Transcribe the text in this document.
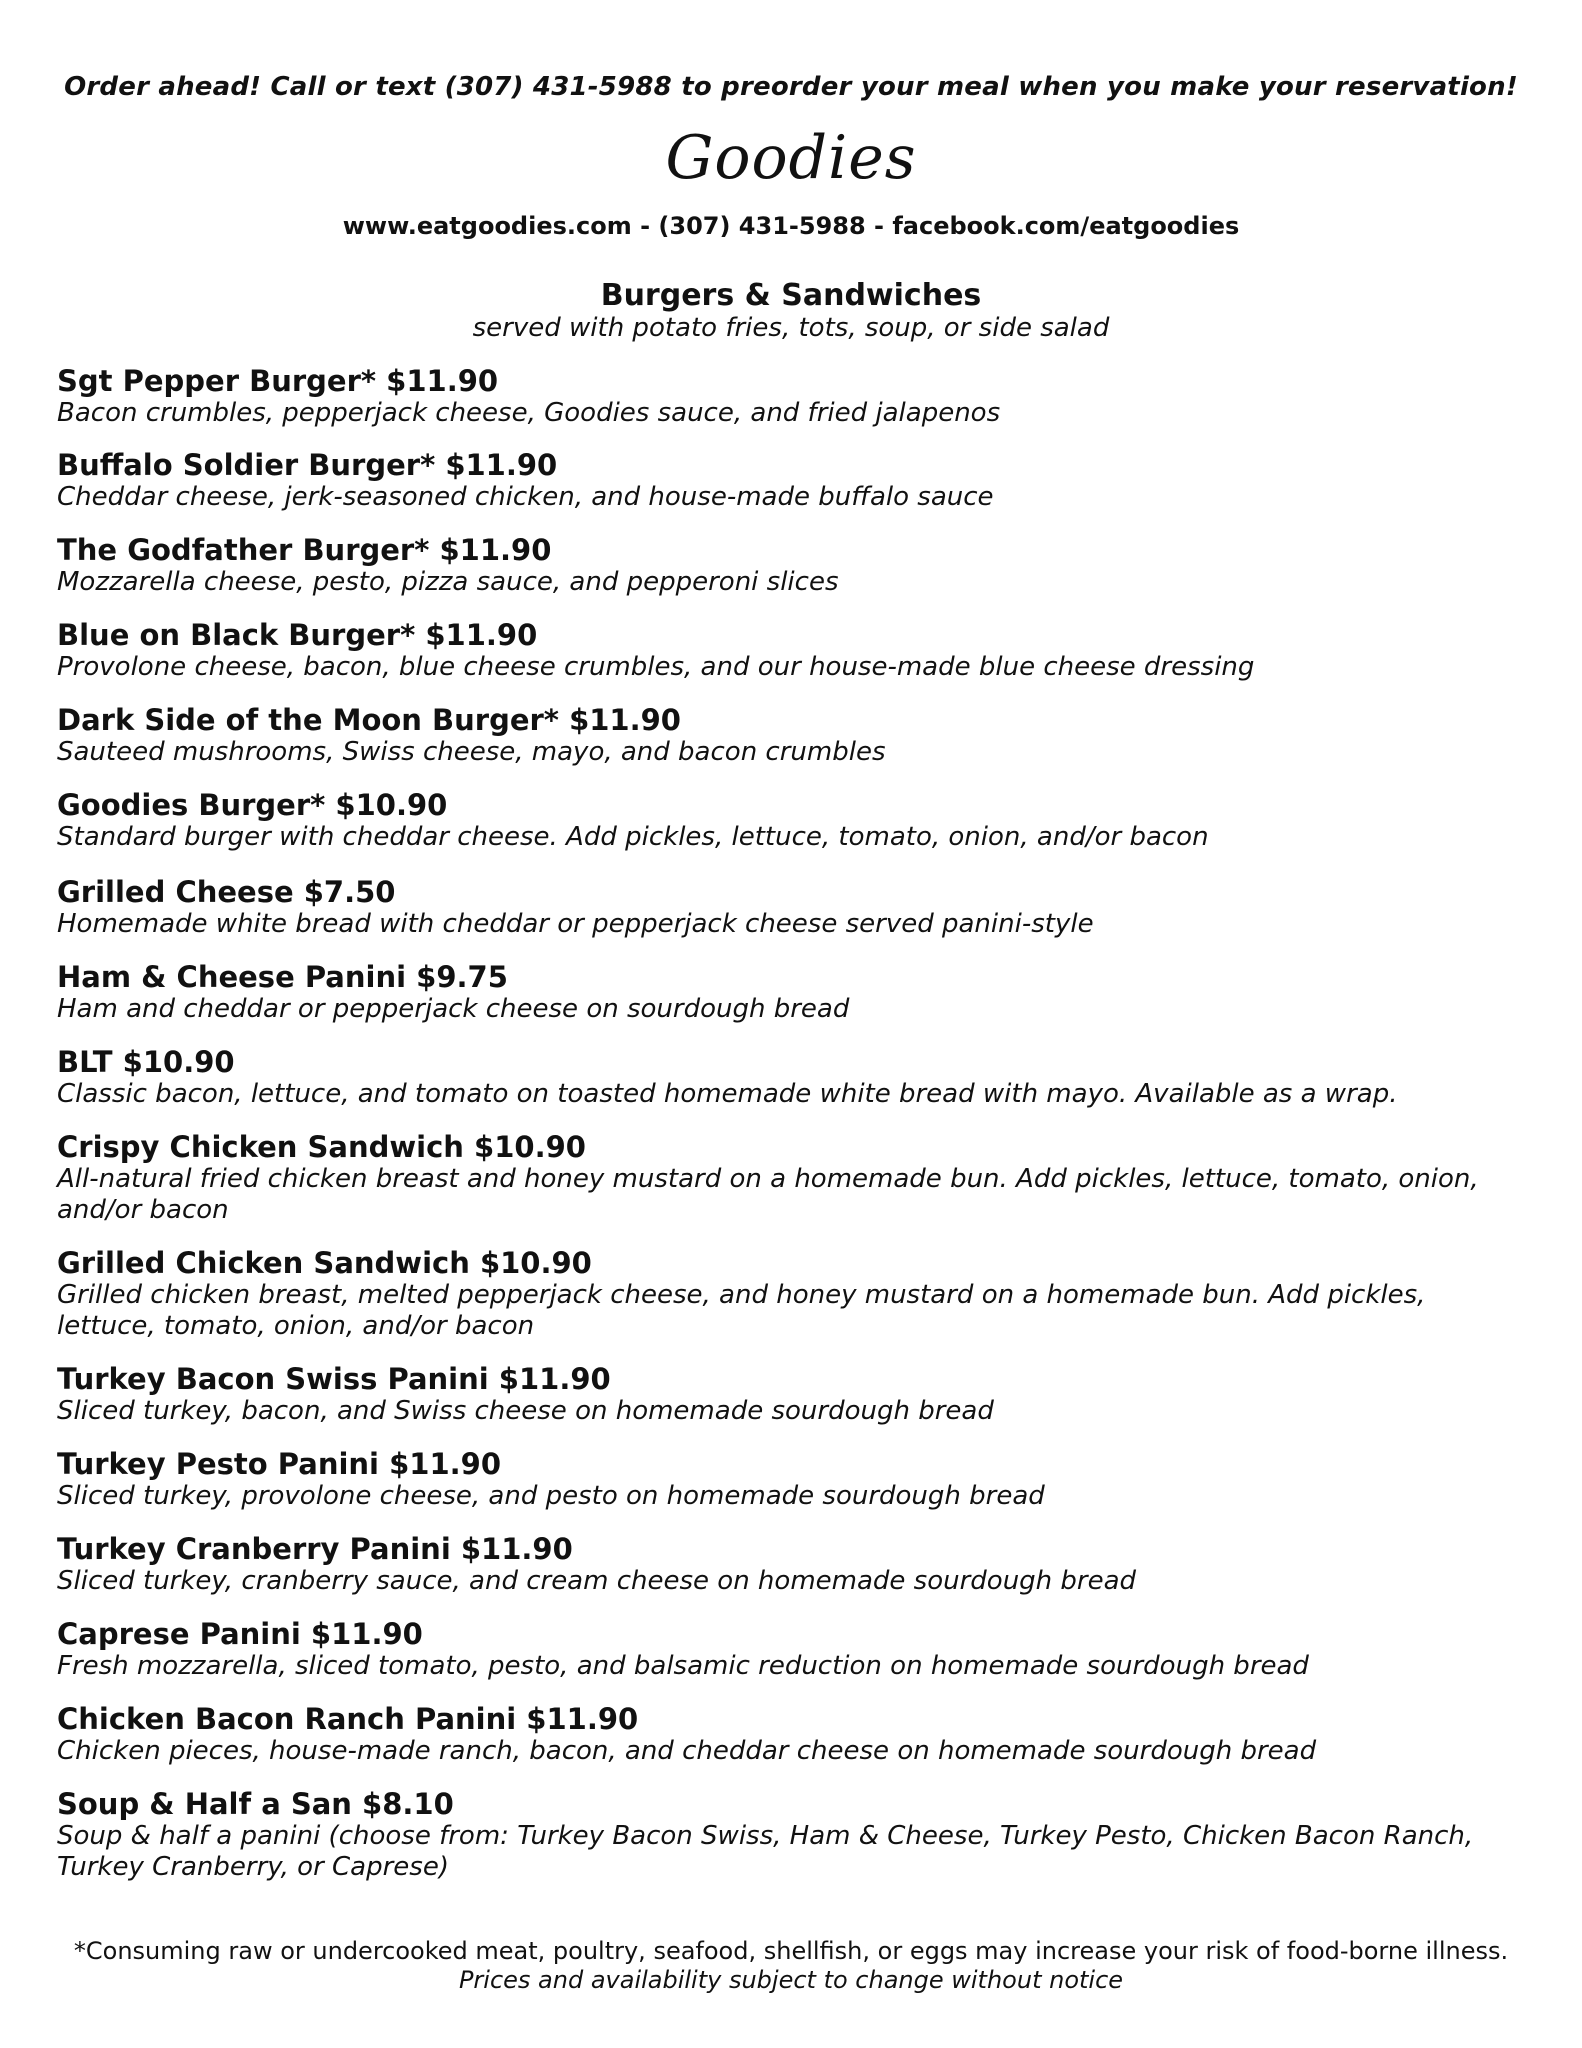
Order ahead! Call or text (307) 431-5988 to preorder your meal when you make your reservation!
Goodies
www.eatgoodies.com - (307) 431-5988 - facebook.com/eatgoodies
Burgers & Sandwiches
served with potato fries, tots, soup, or side salad
Sgt Pepper Burger* $11.90
Bacon crumbles, pepperjack cheese, Goodies sauce, and fried jalapenos
Buffalo Soldier Burger* $11.90
Cheddar cheese, jerk-seasoned chicken, and house-made buffalo sauce
The Godfather Burger* $11.90
Mozzarella cheese, pesto, pizza sauce, and pepperoni slices
Blue on Black Burger* $11.90
Provolone cheese, bacon, blue cheese crumbles, and our house-made blue cheese dressing
Dark Side of the Moon Burger* $11.90
Sauteed mushrooms, Swiss cheese, mayo, and bacon crumbles
Goodies Burger* $10.90
Standard burger with cheddar cheese. Add pickles, lettuce, tomato, onion, and/or bacon
Grilled Cheese $7.50
Homemade white bread with cheddar or pepperjack cheese served panini-style
Ham & Cheese Panini $9.75
Ham and cheddar or pepperjack cheese on sourdough bread
BLT $10.90
Classic bacon, lettuce, and tomato on toasted homemade white bread with mayo. Available as a wrap.
Crispy Chicken Sandwich $10.90
All-natural fried chicken breast and honey mustard on a homemade bun. Add pickles, lettuce, tomato, onion, and/or bacon
Grilled Chicken Sandwich $10.90
Grilled chicken breast, melted pepperjack cheese, and honey mustard on a homemade bun. Add pickles, lettuce, tomato, onion, and/or bacon
Turkey Bacon Swiss Panini $11.90
Sliced turkey, bacon, and Swiss cheese on homemade sourdough bread
Turkey Pesto Panini $11.90
Sliced turkey, provolone cheese, and pesto on homemade sourdough bread
Turkey Cranberry Panini $11.90
Sliced turkey, cranberry sauce, and cream cheese on homemade sourdough bread
Caprese Panini $11.90
Fresh mozzarella, sliced tomato, pesto, and balsamic reduction on homemade sourdough bread
Chicken Bacon Ranch Panini $11.90
Chicken pieces, house-made ranch, bacon, and cheddar cheese on homemade sourdough bread
Soup & Half a San $8.10
Soup & half a panini (choose from: Turkey Bacon Swiss, Ham & Cheese, Turkey Pesto, Chicken Bacon Ranch, Turkey Cranberry, or Caprese)
*Consuming raw or undercooked meat, poultry, seafood, shellfish, or eggs may increase your risk of food-borne illness.
Prices and availability subject to change without notice
